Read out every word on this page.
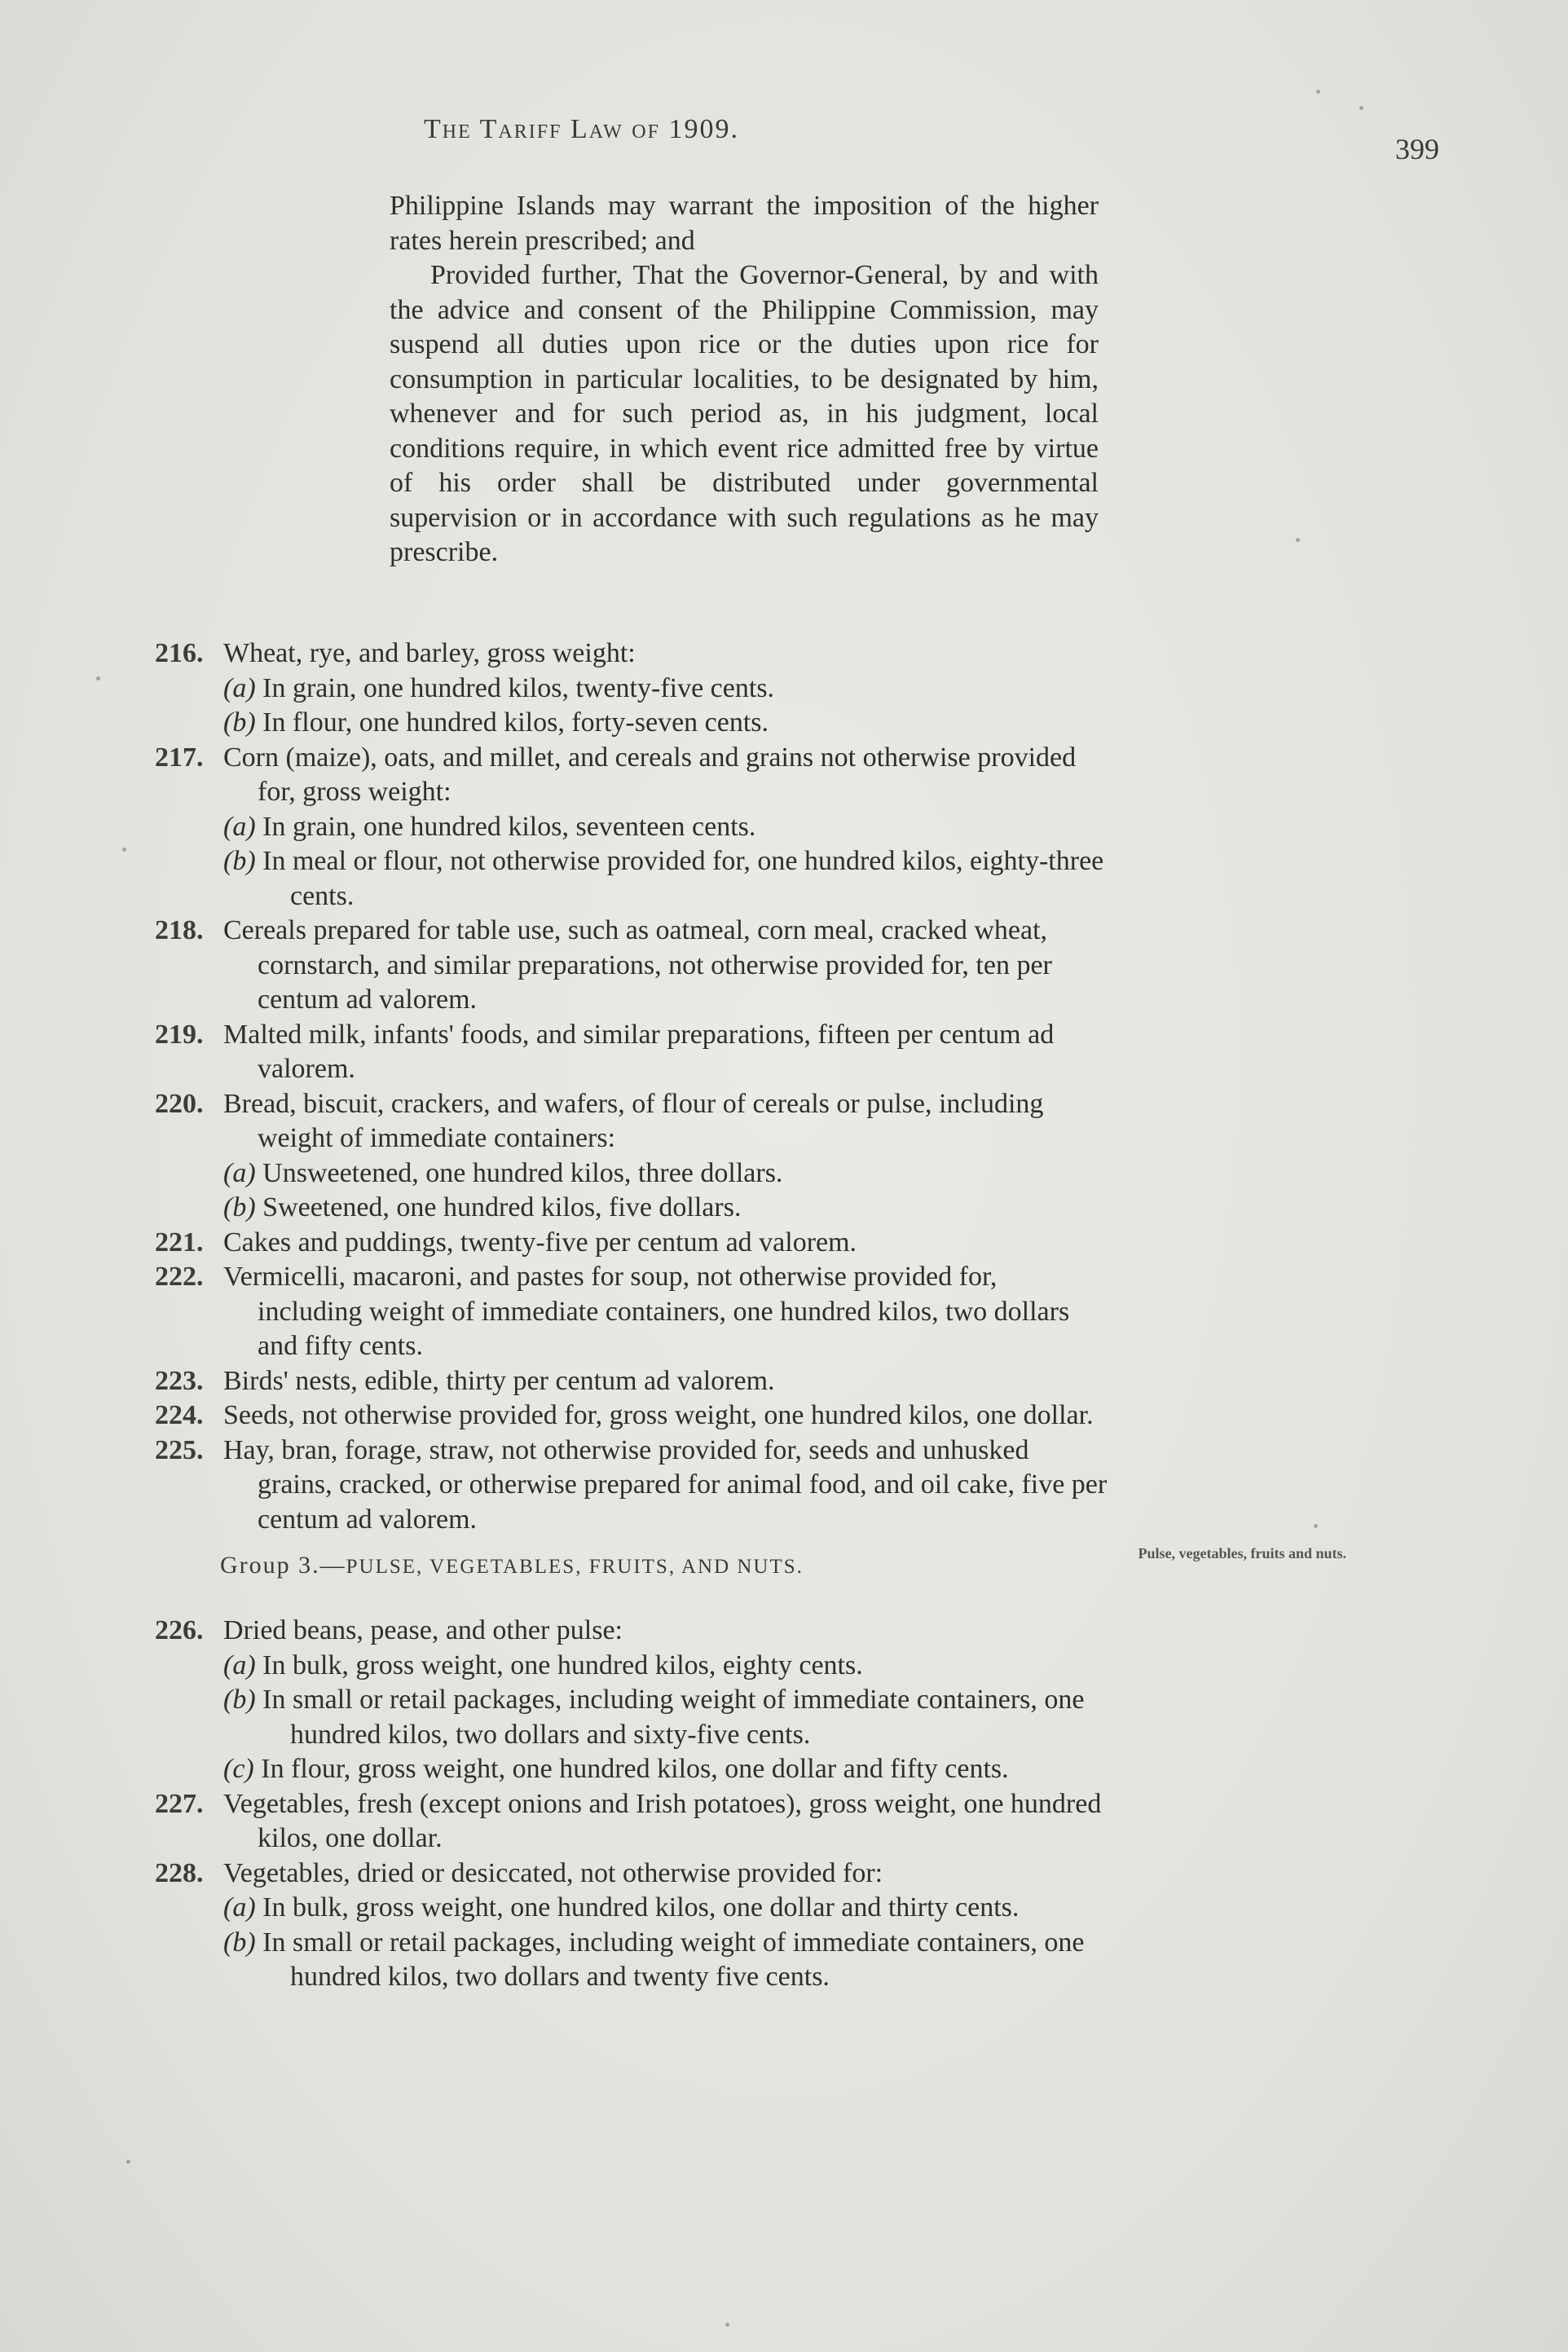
The Tariff Law of 1909.
399

Philippine Islands may warrant the imposition of the higher rates herein prescribed; and

Provided further, That the Governor-General, by and with the advice and consent of the Philippine Commission, may suspend all duties upon rice or the duties upon rice for consumption in particular localities, to be designated by him, whenever and for such period as, in his judgment, local conditions require, in which event rice admitted free by virtue of his order shall be distributed under governmental supervision or in accordance with such regulations as he may prescribe.

216. Wheat, rye, and barley, gross weight:
(a) In grain, one hundred kilos, twenty-five cents.
(b) In flour, one hundred kilos, forty-seven cents.
217. Corn (maize), oats, and millet, and cereals and grains not otherwise provided for, gross weight:
(a) In grain, one hundred kilos, seventeen cents.
(b) In meal or flour, not otherwise provided for, one hundred kilos, eighty-three cents.
218. Cereals prepared for table use, such as oatmeal, corn meal, cracked wheat, cornstarch, and similar preparations, not otherwise provided for, ten per centum ad valorem.
219. Malted milk, infants' foods, and similar preparations, fifteen per centum ad valorem.
220. Bread, biscuit, crackers, and wafers, of flour of cereals or pulse, including weight of immediate containers:
(a) Unsweetened, one hundred kilos, three dollars.
(b) Sweetened, one hundred kilos, five dollars.
221. Cakes and puddings, twenty-five per centum ad valorem.
222. Vermicelli, macaroni, and pastes for soup, not otherwise provided for, including weight of immediate containers, one hundred kilos, two dollars and fifty cents.
223. Birds' nests, edible, thirty per centum ad valorem.
224. Seeds, not otherwise provided for, gross weight, one hundred kilos, one dollar.
225. Hay, bran, forage, straw, not otherwise provided for, seeds and unhusked grains, cracked, or otherwise prepared for animal food, and oil cake, five per centum ad valorem.
Group 3.—PULSE, VEGETABLES, FRUITS, AND NUTS.
Pulse, vegetables, fruits and nuts.
226. Dried beans, pease, and other pulse:
(a) In bulk, gross weight, one hundred kilos, eighty cents.
(b) In small or retail packages, including weight of immediate containers, one hundred kilos, two dollars and sixty-five cents.
(c) In flour, gross weight, one hundred kilos, one dollar and fifty cents.
227. Vegetables, fresh (except onions and Irish potatoes), gross weight, one hundred kilos, one dollar.
228. Vegetables, dried or desiccated, not otherwise provided for:
(a) In bulk, gross weight, one hundred kilos, one dollar and thirty cents.
(b) In small or retail packages, including weight of immediate containers, one hundred kilos, two dollars and twenty five cents.
